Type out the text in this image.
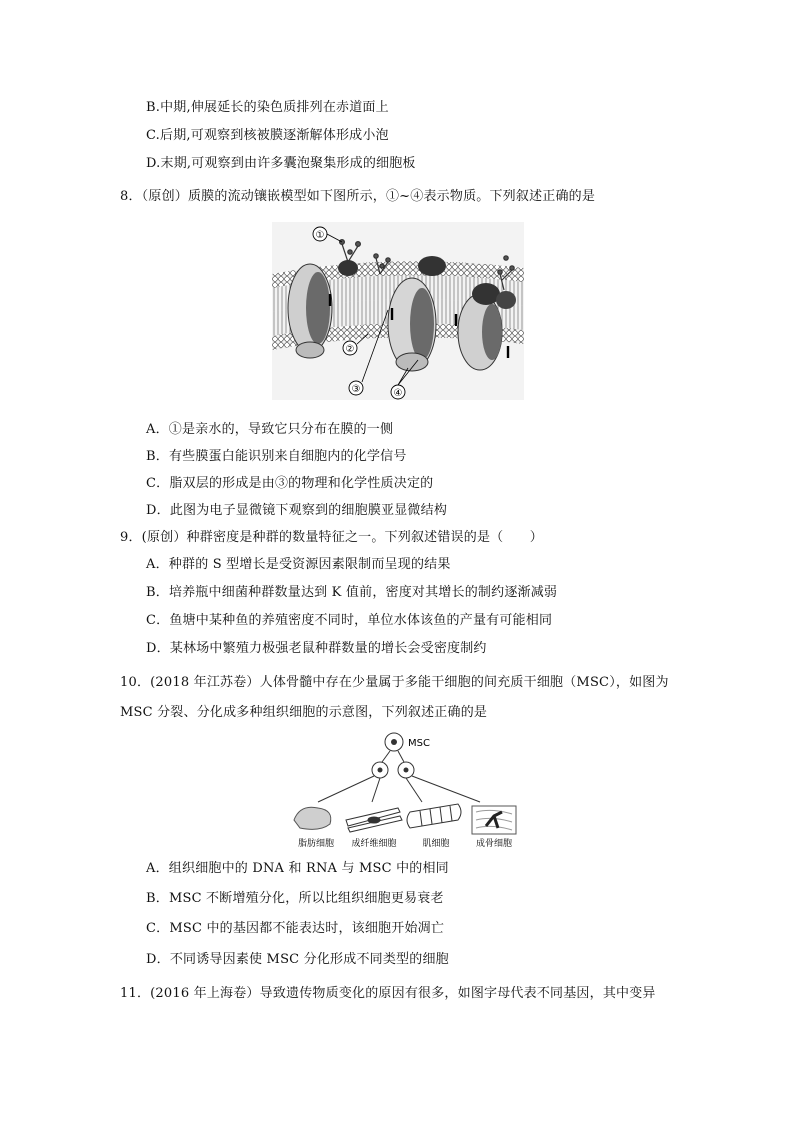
B.中期,伸展延长的染色质排列在赤道面上
C.后期,可观察到核被膜逐渐解体形成小泡
D.末期,可观察到由许多囊泡聚集形成的细胞板
8．（原创）质膜的流动镶嵌模型如下图所示，①~④表示物质。下列叙述正确的是
①
②
③	④
A．①是亲水的，导致它只分布在膜的一侧
B．有些膜蛋白能识别来自细胞内的化学信号
C．脂双层的形成是由③的物理和化学性质决定的
D．此图为电子显微镜下观察到的细胞膜亚显微结构
9．(原创）种群密度是种群的数量特征之一。下列叙述错误的是（　　）
A．种群的 S 型增长是受资源因素限制而呈现的结果
B．培养瓶中细菌种群数量达到 K 值前，密度对其增长的制约逐渐减弱
C．鱼塘中某种鱼的养殖密度不同时，单位水体该鱼的产量有可能相同
D．某林场中繁殖力极强老鼠种群数量的增长会受密度制约
10．(2018 年江苏卷）人体骨髓中存在少量属于多能干细胞的间充质干细胞（MSC），如图为
MSC 分裂、分化成多种组织细胞的示意图，下列叙述正确的是
MSC
脂肪细胞 成纤维细胞	肌细胞	成骨细胞
A．组织细胞中的 DNA 和 RNA 与 MSC 中的相同
B．MSC 不断增殖分化，所以比组织细胞更易衰老
C．MSC 中的基因都不能表达时，该细胞开始凋亡
D．不同诱导因素使 MSC 分化形成不同类型的细胞
11．(2016 年上海卷）导致遗传物质变化的原因有很多，如图字母代表不同基因，其中变异
